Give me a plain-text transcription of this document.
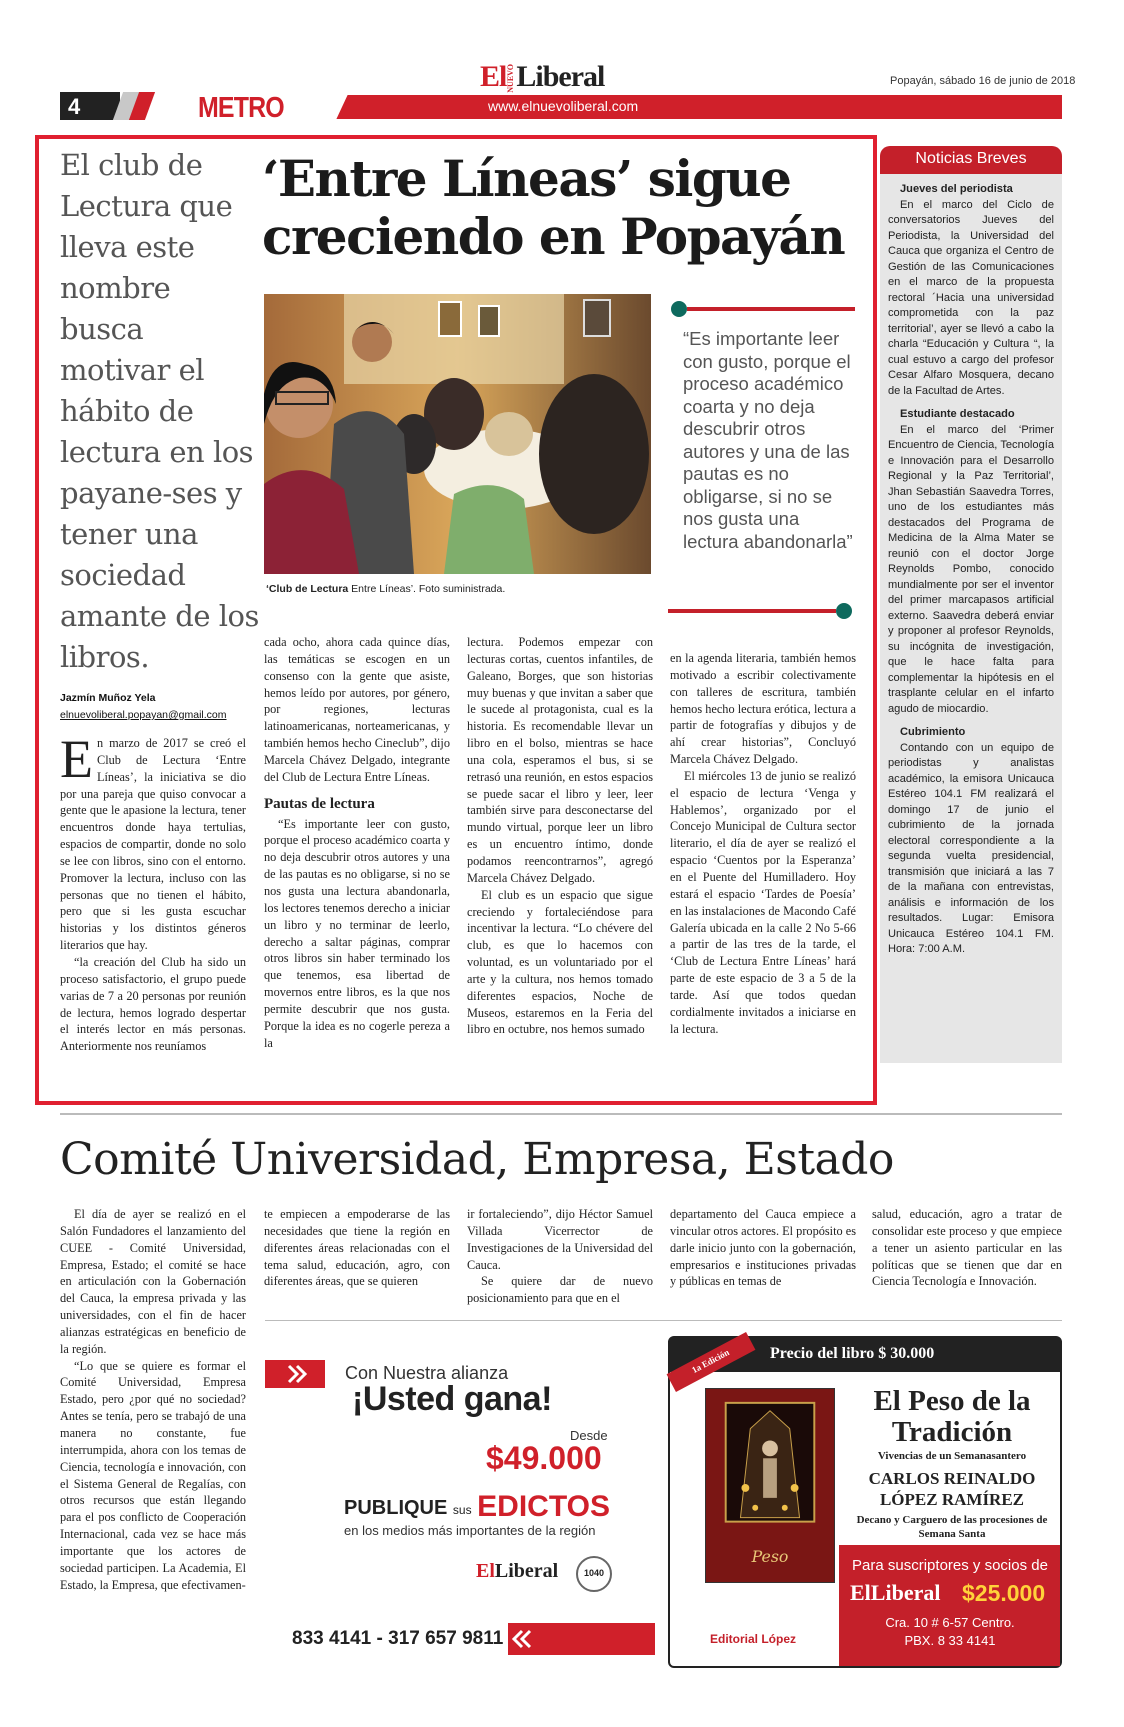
ElNUEVOLiberal	Popayán, sábado 16 de junio de 2018
4	METRO	www.elnuevoliberal.com
El club de Lectura que lleva este nombre busca motivar el hábito de lectura en los payane-ses y tener una sociedad amante de los libros.
Jazmín Muñoz Yela
elnuevoliberal.popayan@gmail.com
‘Entre Líneas’ sigue creciendo en Popayán
‘Club de Lectura Entre Líneas’. Foto suministrada.
“Es importante leer con gusto, porque el proceso académico coarta y no deja descubrir otros autores y una de las pautas es no obligarse, si no se nos gusta una lectura abandonarla”

En marzo de 2017 se creó el Club de Lectura ‘Entre Líneas’, la iniciativa se dio por una pareja que quiso convocar a gente que le apasione la lectura, tener encuentros donde haya tertulias, espacios de compartir, donde no solo se lee con libros, sino con el entorno. Promover la lectura, incluso con las personas que no tienen el hábito, pero que si les gusta escuchar historias y los distintos géneros literarios que hay.

“la creación del Club ha sido un proceso satisfactorio, el grupo puede varias de 7 a 20 personas por reunión de lectura, hemos logrado despertar el interés lector en más personas. Anteriormente nos reuníamos

cada ocho, ahora cada quince días, las temáticas se escogen en un consenso con la gente que asiste, hemos leído por autores, por género, por regiones, lecturas latinoamericanas, norteamericanas, y también hemos hecho Cineclub”, dijo Marcela Chávez Delgado, integrante del Club de Lectura Entre Líneas.

Pautas de lectura

“Es importante leer con gusto, porque el proceso académico coarta y no deja descubrir otros autores y una de las pautas es no obligarse, si no se nos gusta una lectura abandonarla, los lectores tenemos derecho a iniciar un libro y no terminar de leerlo, derecho a saltar páginas, comprar otros libros sin haber terminado los que tenemos, esa libertad de movernos entre libros, es la que nos permite descubrir que nos gusta. Porque la idea es no cogerle pereza a la

lectura. Podemos empezar con lecturas cortas, cuentos infantiles, de Galeano, Borges, que son historias muy buenas y que invitan a saber que le sucede al protagonista, cual es la historia. Es recomendable llevar un libro en el bolso, mientras se hace una cola, esperamos el bus, si se retrasó una reunión, en estos espacios se puede sacar el libro y leer, leer también sirve para desconectarse del mundo virtual, porque leer un libro es un encuentro íntimo, donde podamos reencontrarnos”, agregó Marcela Chávez Delgado.

El club es un espacio que sigue creciendo y fortaleciéndose para incentivar la lectura. “Lo chévere del club, es que lo hacemos con voluntad, es un voluntariado por el arte y la cultura, nos hemos tomado diferentes espacios, Noche de Museos, estaremos en la Feria del libro en octubre, nos hemos sumado

en la agenda literaria, también hemos motivado a escribir colectivamente con talleres de escritura, también hemos hecho lectura erótica, lectura a partir de fotografías y dibujos y de ahí crear historias”, Concluyó Marcela Chávez Delgado.

El miércoles 13 de junio se realizó el espacio de lectura ‘Venga y Hablemos’, organizado por el Concejo Municipal de Cultura sector literario, el día de ayer se realizó el espacio ‘Cuentos por la Esperanza’ en el Puente del Humilladero. Hoy estará el espacio ‘Tardes de Poesía’ en las instalaciones de Macondo Café Galería ubicada en la calle 2 No 5-66 a partir de las tres de la tarde, el ‘Club de Lectura Entre Líneas’ hará parte de este espacio de 3 a 5 de la tarde. Así que todos quedan cordialmente invitados a iniciarse en la lectura.

Noticias Breves
Jueves del periodista

En el marco del Ciclo de conversatorios Jueves del Periodista, la Universidad del Cauca que organiza el Centro de Gestión de las Comunicaciones en el marco de la propuesta rectoral ´Hacia una universidad comprometida con la paz territorial’, ayer se llevó a cabo la charla “Educación y Cultura “, la cual estuvo a cargo del profesor Cesar Alfaro Mosquera, decano de la Facultad de Artes.

Estudiante destacado

En el marco del ‘Primer Encuentro de Ciencia, Tecnología e Innovación para el Desarrollo Regional y la Paz Territorial’, Jhan Sebastián Saavedra Torres, uno de los estudiantes más destacados del Programa de Medicina de la Alma Mater se reunió con el doctor Jorge Reynolds Pombo, conocido mundialmente por ser el inventor del primer marcapasos artificial externo. Saavedra deberá enviar y proponer al profesor Reynolds, su incógnita de investigación, que le hace falta para complementar la hipótesis en el trasplante celular en el infarto agudo de miocardio.

Cubrimiento

Contando con un equipo de periodistas y analistas académico, la emisora Unicauca Estéreo 104.1 FM realizará el domingo 17 de junio el cubrimiento de la jornada electoral correspondiente a la segunda vuelta presidencial, transmisión que iniciará a las 7 de la mañana con entrevistas, análisis e información de los resultados. Lugar: Emisora Unicauca Estéreo 104.1 FM. Hora: 7:00 A.M.

Comité Universidad, Empresa, Estado

El día de ayer se realizó en el Salón Fundadores el lanzamiento del CUEE - Comité Universidad, Empresa, Estado; el comité se hace en articulación con la Gobernación del Cauca, la empresa privada y las universidades, con el fin de hacer alianzas estratégicas en beneficio de la región.

“Lo que se quiere es formar el Comité Universidad, Empresa Estado, pero ¿por qué no sociedad? Antes se tenía, pero se trabajó de una manera no constante, fue interrumpida, ahora con los temas de Ciencia, tecnología e innovación, con el Sistema General de Regalías, con otros recursos que están llegando para el pos conflicto de Cooperación Internacional, cada vez se hace más importante que los actores de sociedad participen. La Academia, El Estado, la Empresa, que efectivamen-

te empiecen a empoderarse de las necesidades que tiene la región en diferentes áreas relacionadas con el tema salud, educación, agro, con diferentes áreas, que se quieren

ir fortaleciendo”, dijo Héctor Samuel Villada Vicerrector de Investigaciones de la Universidad del Cauca.

Se quiere dar de nuevo posicionamiento para que en el

departamento del Cauca empiece a vincular otros actores. El propósito es darle inicio junto con la gobernación, empresarios e instituciones privadas y públicas en temas de

salud, educación, agro a tratar de consolidar este proceso y que empiece a tener un asiento particular en las políticas que se tienen que dar en Ciencia Tecnología e Innovación.

Con Nuestra alianza
¡Usted gana!
Desde
$49.000
PUBLIQUE sus EDICTOS
en los medios más importantes de la región
ElLiberal	1040
833 4141 - 317 657 9811
Precio del libro $ 30.000
1a Edición
Peso
El Peso de la Tradición
Vivencias de un Semanasantero
CARLOS REINALDO LÓPEZ RAMÍREZ
Decano y Carguero de las procesiones de Semana Santa
Para suscriptores y socios de
ElLiberal $25.000
Cra. 10 # 6-57 Centro.
PBX. 8 33 4141
Editorial López
